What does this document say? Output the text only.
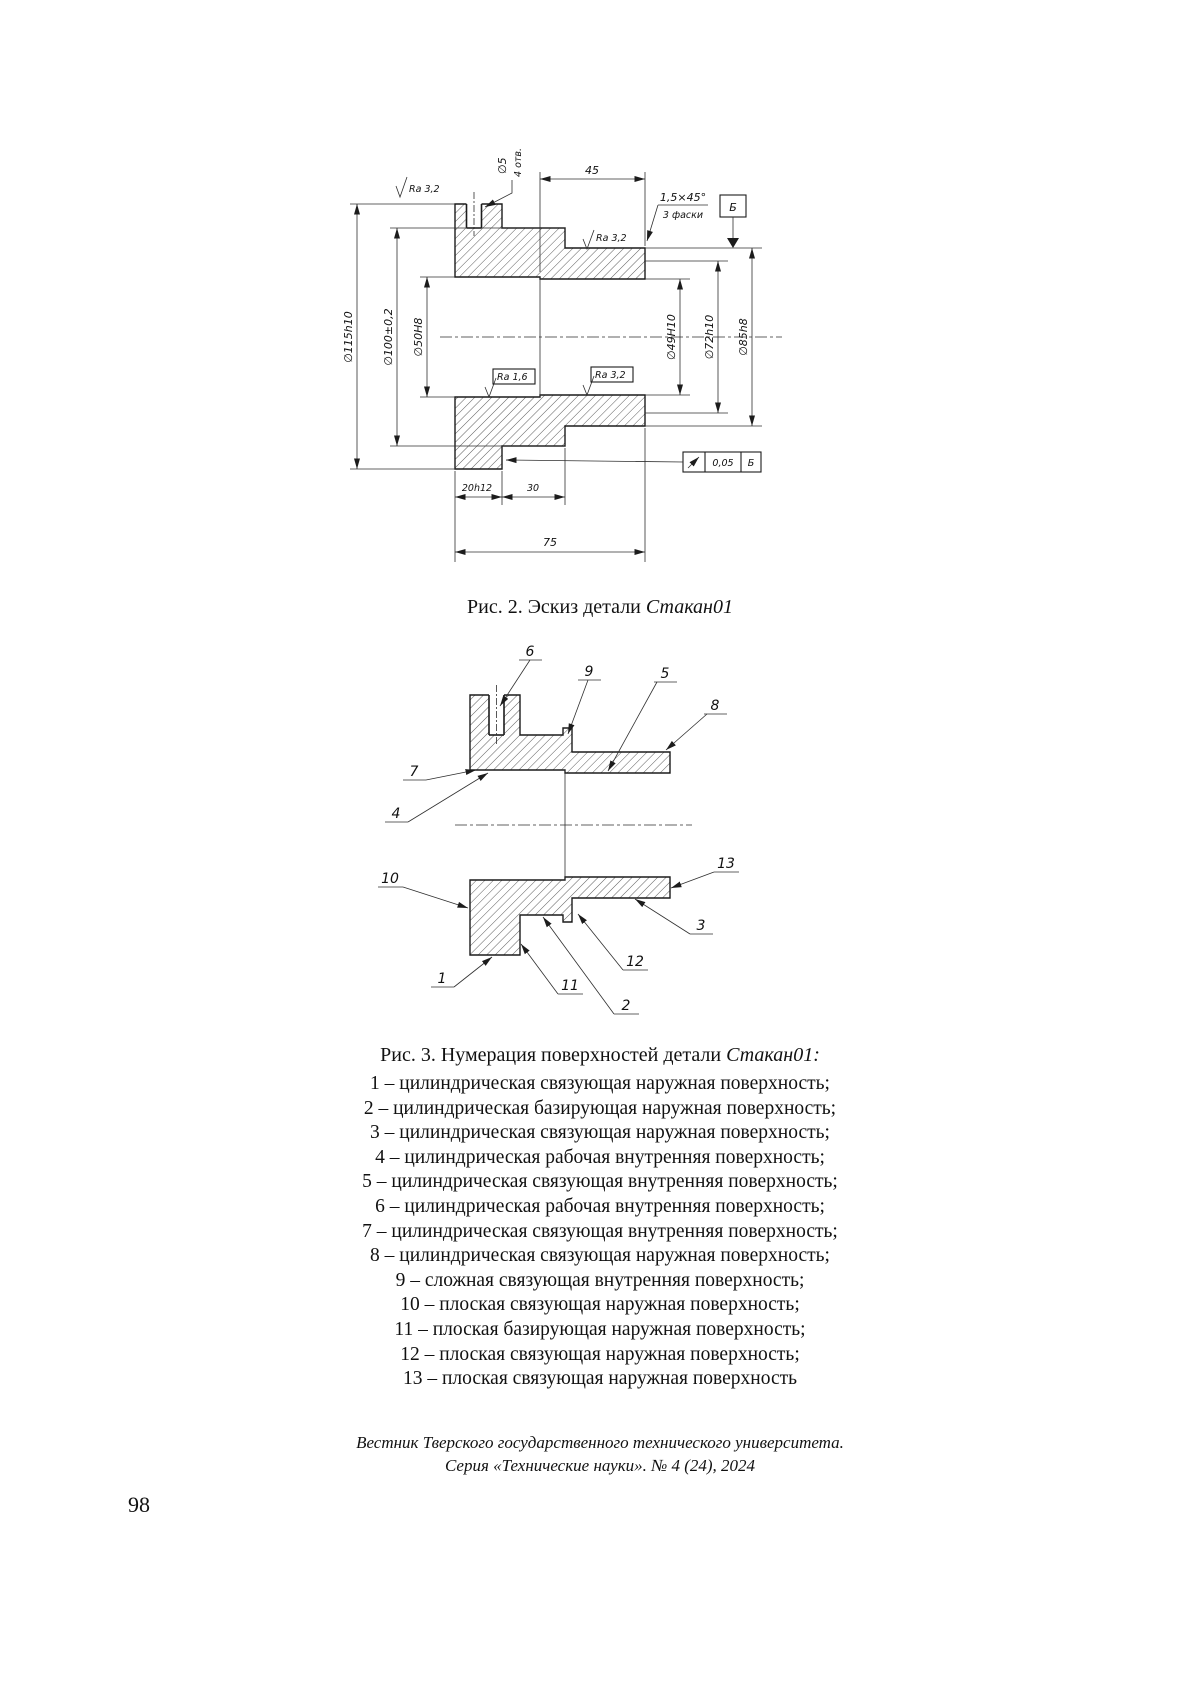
∅115h10 ∅100±0,2 ∅50H8	∅49H10 ∅72h10 ∅85h8
45
∅5 4 отв.
1,5×45°
3 фаски
Б
20h12	30
75
0,05 Б
Ra 3,2
Ra 3,2
Ra 1,6	Ra 3,2
Рис. 2. Эскиз детали Стакан01
6
9	5
8
7
4
10
13
3
12
1	11
2
Рис. 3. Нумерация поверхностей детали Стакан01:
1 – цилиндрическая связующая наружная поверхность;
2 – цилиндрическая базирующая наружная поверхность;
3 – цилиндрическая связующая наружная поверхность;
4 – цилиндрическая рабочая внутренняя поверхность;
5 – цилиндрическая связующая внутренняя поверхность;
6 – цилиндрическая рабочая внутренняя поверхность;
7 – цилиндрическая связующая внутренняя поверхность;
8 – цилиндрическая связующая наружная поверхность;
9 – сложная связующая внутренняя поверхность;
10 – плоская связующая наружная поверхность;
11 – плоская базирующая наружная поверхность;
12 – плоская связующая наружная поверхность;
13 – плоская связующая наружная поверхность
Вестник Тверского государственного технического университета.
Серия «Технические науки». № 4 (24), 2024
98
